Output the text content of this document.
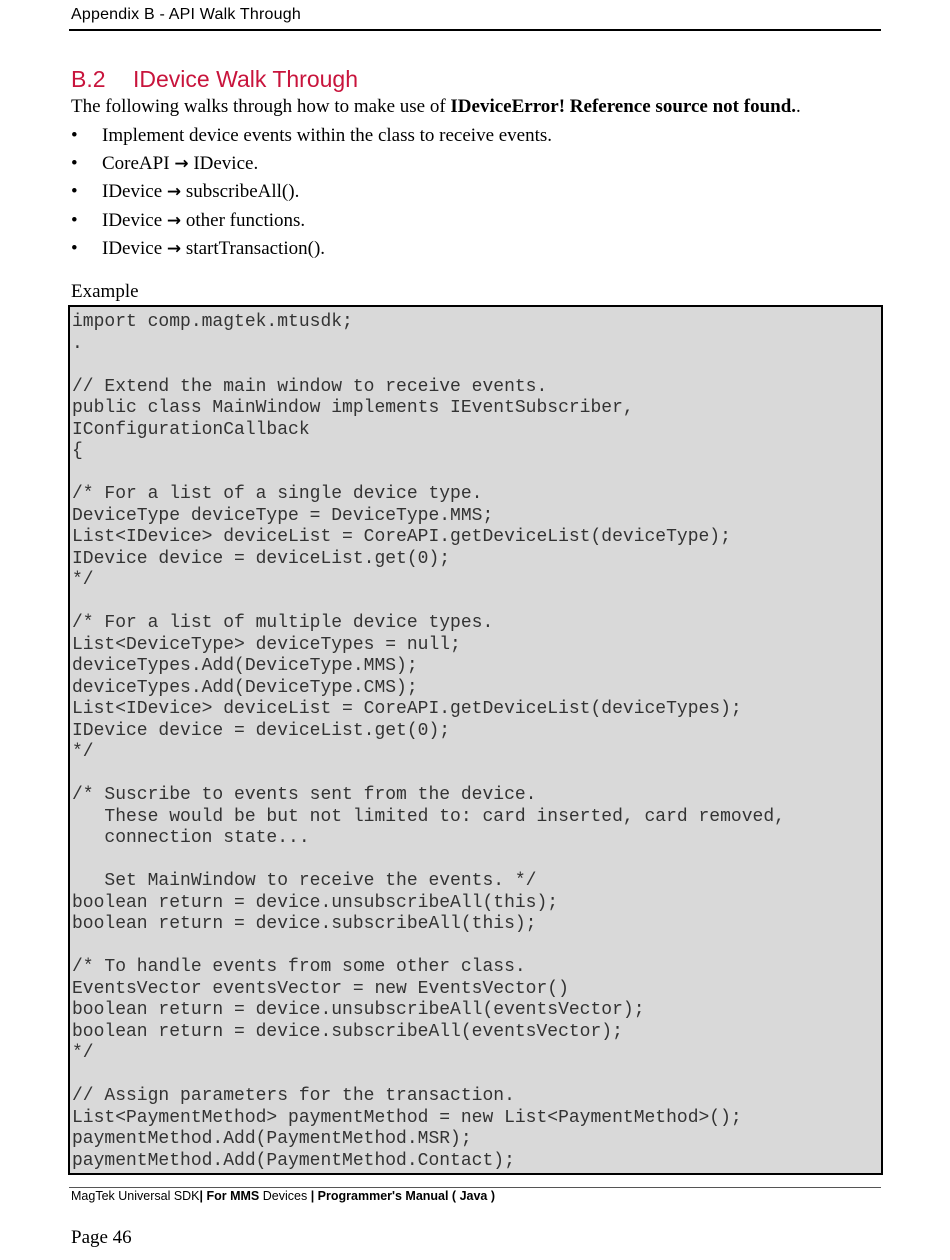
Appendix B - API Walk Through
B.2 IDevice Walk Through
The following walks through how to make use of IDeviceError! Reference source not found..
•	Implement device events within the class to receive events.
•	CoreAPI → IDevice.
•	IDevice → subscribeAll().
•	IDevice → other functions.
•	IDevice → startTransaction().
Example
import comp.magtek.mtusdk;
.
// Extend the main window to receive events.
public class MainWindow implements IEventSubscriber,
IConfigurationCallback
{
/* For a list of a single device type.
DeviceType deviceType = DeviceType.MMS;
List<IDevice> deviceList = CoreAPI.getDeviceList(deviceType);
IDevice device = deviceList.get(0);
*/
/* For a list of multiple device types.
List<DeviceType> deviceTypes = null;
deviceTypes.Add(DeviceType.MMS);
deviceTypes.Add(DeviceType.CMS);
List<IDevice> deviceList = CoreAPI.getDeviceList(deviceTypes);
IDevice device = deviceList.get(0);
*/
/* Suscribe to events sent from the device.
These would be but not limited to: card inserted, card removed,
connection state...
Set MainWindow to receive the events. */
boolean return = device.unsubscribeAll(this);
boolean return = device.subscribeAll(this);
/* To handle events from some other class.
EventsVector eventsVector = new EventsVector()
boolean return = device.unsubscribeAll(eventsVector);
boolean return = device.subscribeAll(eventsVector);
*/
// Assign parameters for the transaction.
List<PaymentMethod> paymentMethod = new List<PaymentMethod>();
paymentMethod.Add(PaymentMethod.MSR);
paymentMethod.Add(PaymentMethod.Contact);
MagTek Universal SDK| For MMS Devices | Programmer's Manual ( Java )
Page 46
